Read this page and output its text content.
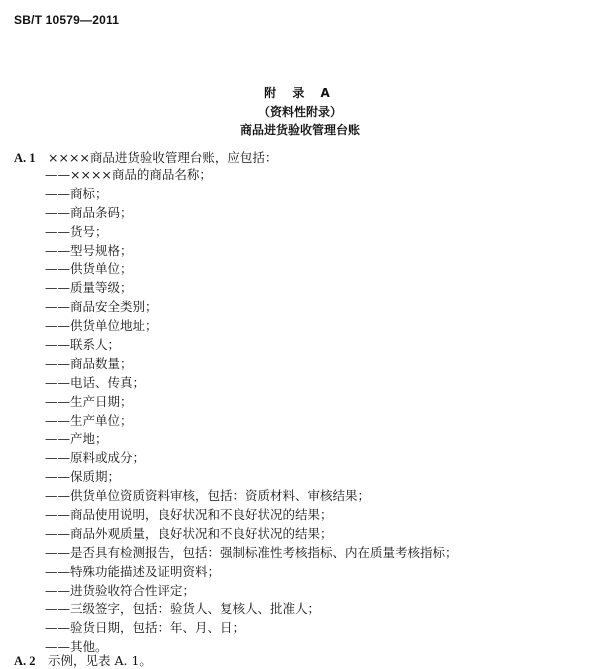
SB/T 10579—2011
附 录 A
（资料性附录）
商品进货验收管理台账
A. 1 ××××商品进货验收管理台账，应包括：
——××××商品的商品名称；
——商标；
——商品条码；
——货号；
——型号规格；
——供货单位；
——质量等级；
——商品安全类别；
——供货单位地址；
——联系人；
——商品数量；
——电话、传真；
——生产日期；
——生产单位；
——产地；
——原料或成分；
——保质期；
——供货单位资质资料审核，包括：资质材料、审核结果；
——商品使用说明，良好状况和不良好状况的结果；
——商品外观质量，良好状况和不良好状况的结果；
——是否具有检测报告，包括：强制标准性考核指标、内在质量考核指标；
——特殊功能描述及证明资料；
——进货验收符合性评定；
——三级签字，包括：验货人、复核人、批准人；
——验货日期，包括：年、月、日；
——其他。
A. 2 示例，见表 A. 1。
